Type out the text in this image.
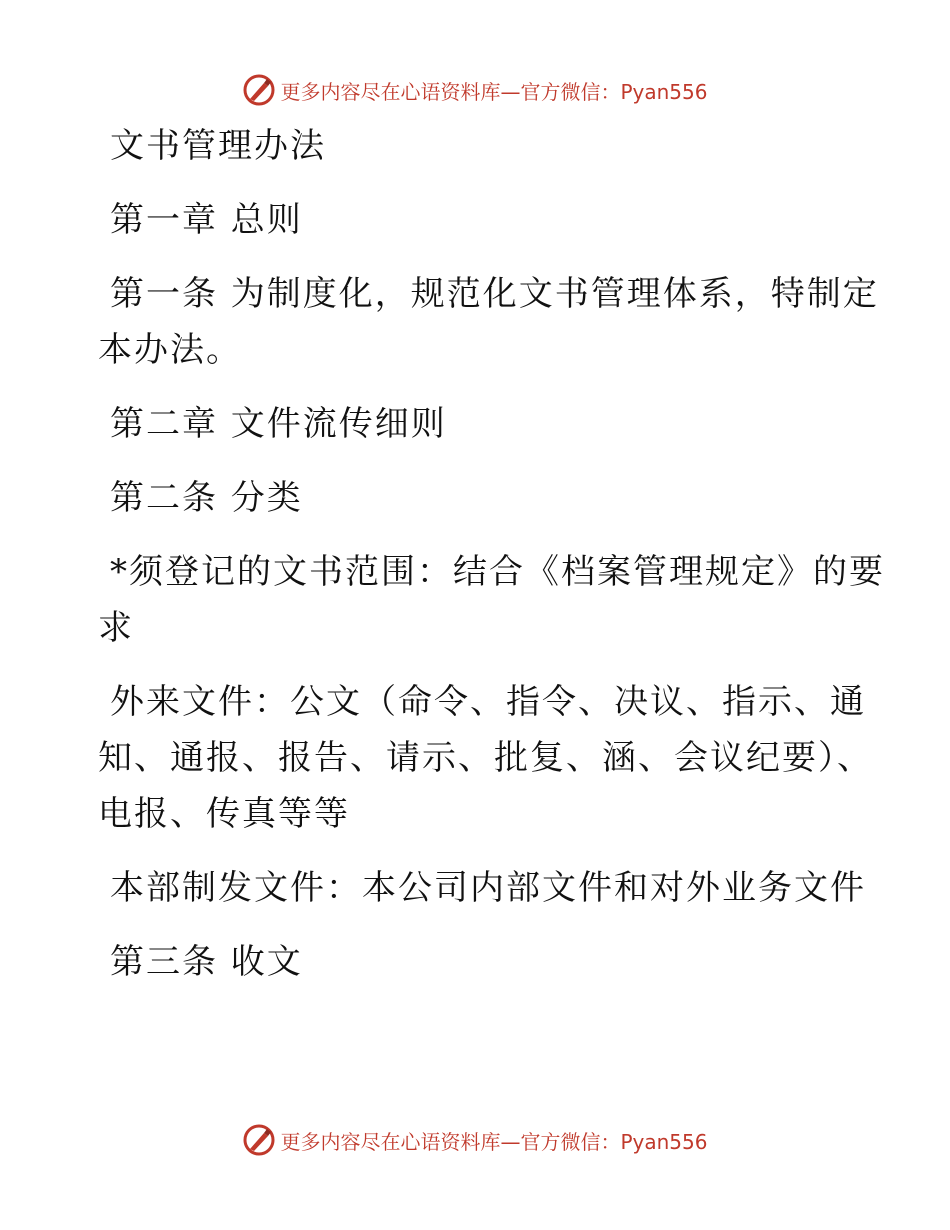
更多内容尽在心语资料库—官方微信：Pyan556
文书管理办法
第一章 总则
第一条 为制度化，规范化文书管理体系，特制定
本办法。
第二章 文件流传细则
第二条 分类
*须登记的文书范围：结合《档案管理规定》的要
求
外来文件：公文（命令、指令、决议、指示、通
知、通报、报告、请示、批复、涵、会议纪要）、
电报、传真等等
本部制发文件：本公司内部文件和对外业务文件
第三条 收文
更多内容尽在心语资料库—官方微信：Pyan556
